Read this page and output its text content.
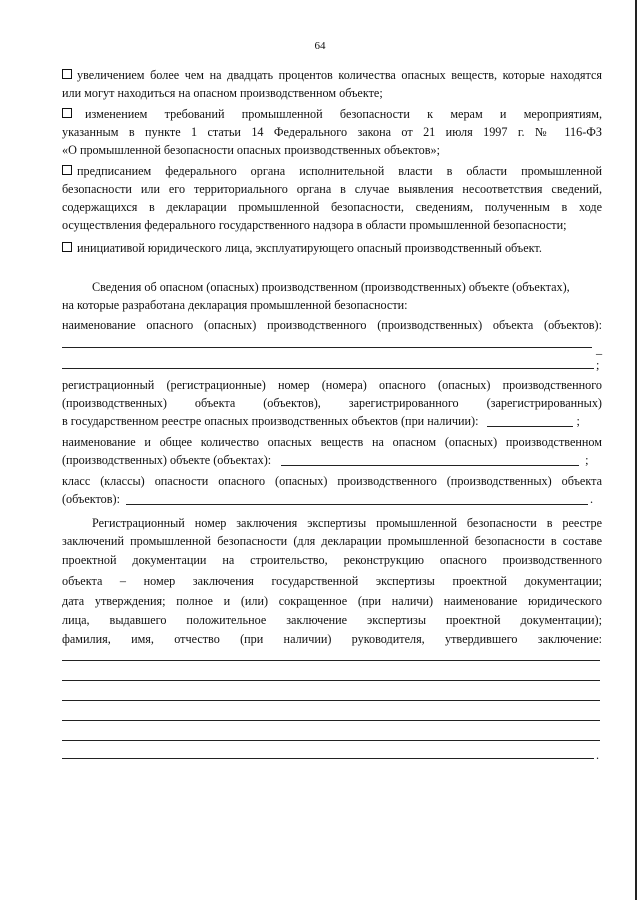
64
увеличением более чем на двадцать процентов количества опасных веществ, которые находятся
или могут находиться на опасном производственном объекте;
изменением требований промышленной безопасности к мерам и мероприятиям,
указанным в пункте 1 статьи 14 Федерального закона от 21 июля 1997 г. № 116-ФЗ
«О промышленной безопасности опасных производственных объектов»;
предписанием федерального органа исполнительной власти в области промышленной
безопасности или его территориального органа в случае выявления несоответствия сведений,
содержащихся в декларации промышленной безопасности, сведениям, полученным в ходе
осуществления федерального государственного надзора в области промышленной безопасности;
инициативой юридического лица, эксплуатирующего опасный производственный объект.
Сведения об опасном (опасных) производственном (производственных) объекте (объектах),
на которые разработана декларация промышленной безопасности:
наименование опасного (опасных) производственного (производственных) объекта (объектов):
_
;
регистрационный (регистрационные) номер (номера) опасного (опасных) производственного
(производственных) объекта (объектов), зарегистрированного (зарегистрированных)
в государственном реестре опасных производственных объектов (при наличии):	;
наименование и общее количество опасных веществ на опасном (опасных) производственном
(производственных) объекте (объектах):	;
класс (классы) опасности опасного (опасных) производственного (производственных) объекта
(объектов):	.
Регистрационный номер заключения экспертизы промышленной безопасности в реестре
заключений промышленной безопасности (для декларации промышленной безопасности в составе
проектной документации на строительство, реконструкцию опасного производственного
объекта – номер заключения государственной экспертизы проектной документации;
дата утверждения; полное и (или) сокращенное (при наличи) наименование юридического
лица, выдавшего положительное заключение экспертизы проектной документации);
фамилия, имя, отчество (при наличии) руководителя, утвердившего заключение:
.
